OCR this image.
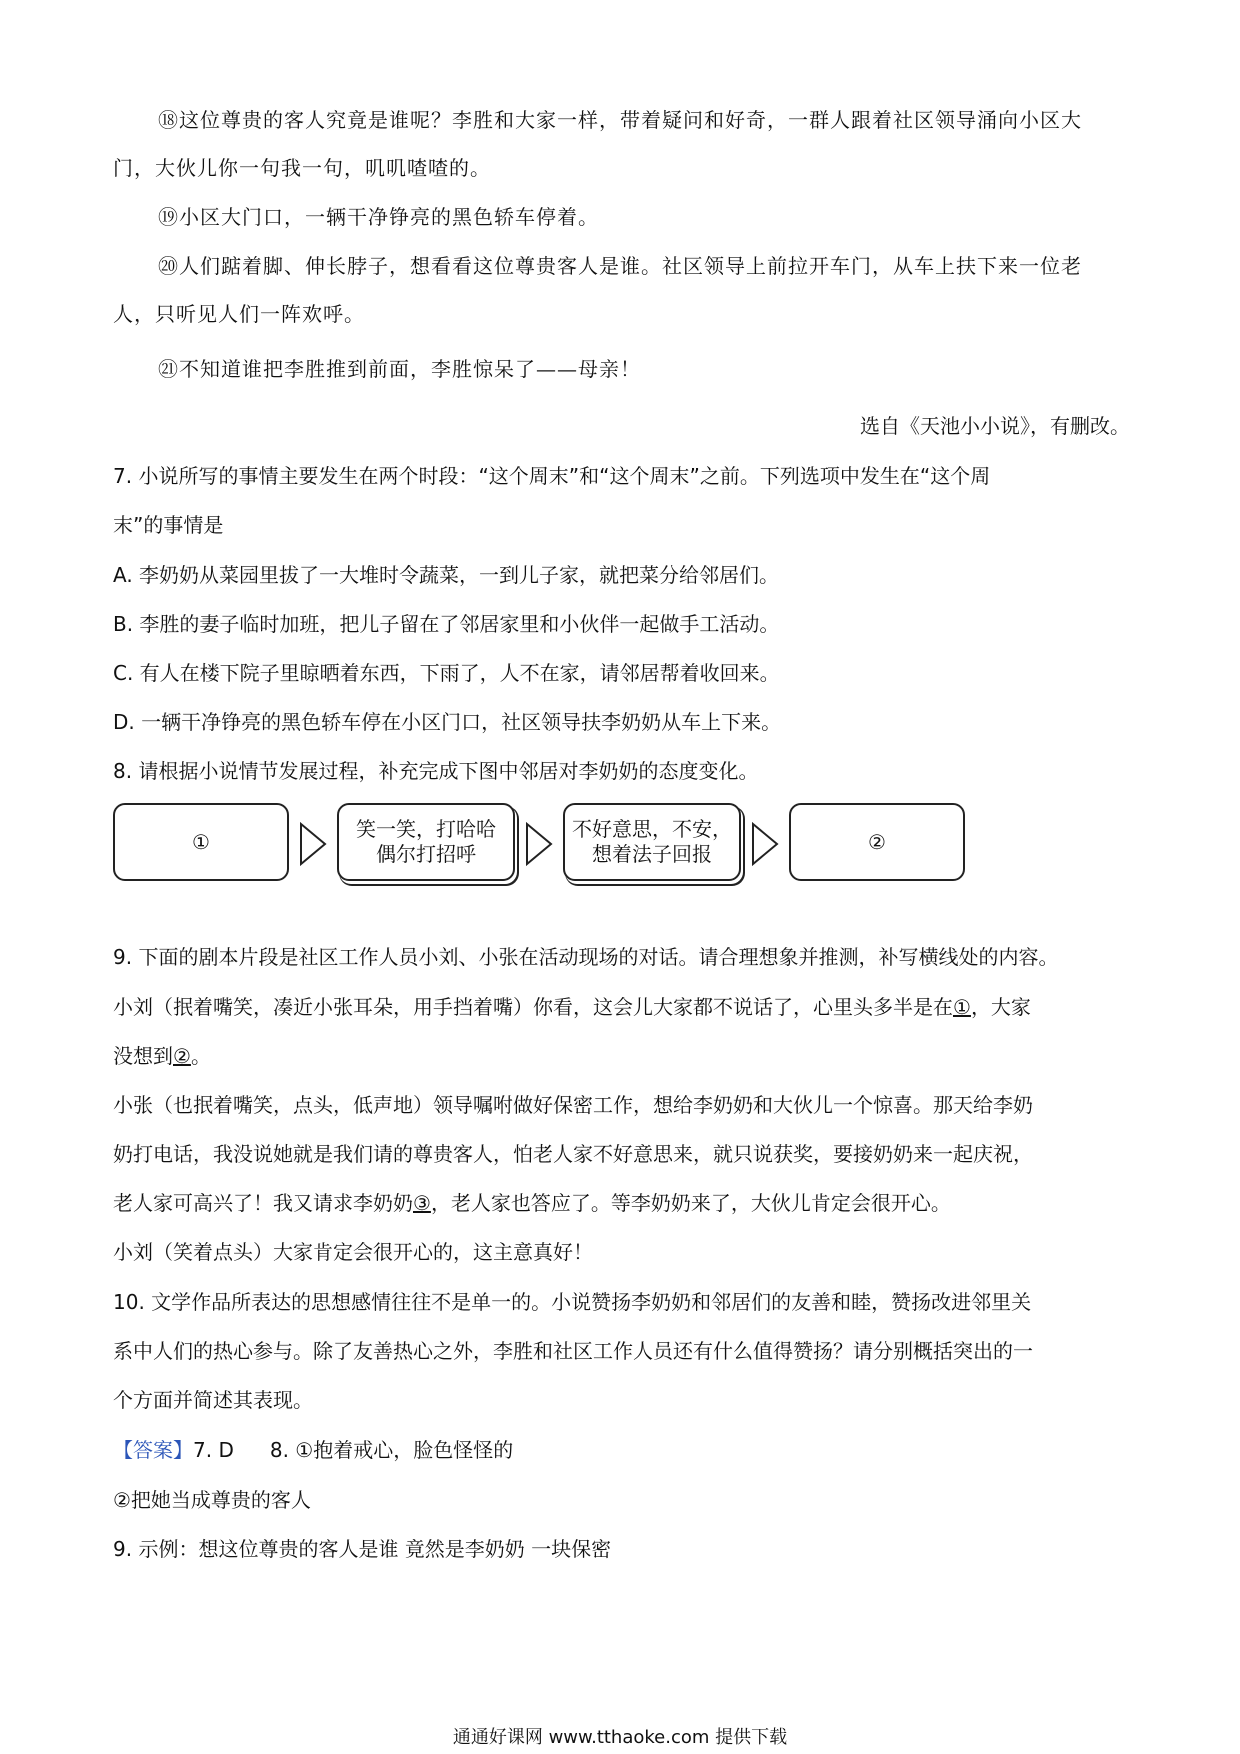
⑱这位尊贵的客人究竟是谁呢？李胜和大家一样，带着疑问和好奇，一群人跟着社区领导涌向小区大
门，大伙儿你一句我一句，叽叽喳喳的。
⑲小区大门口，一辆干净铮亮的黑色轿车停着。
⑳人们踮着脚、伸长脖子，想看看这位尊贵客人是谁。社区领导上前拉开车门，从车上扶下来一位老
人，只听见人们一阵欢呼。
㉑不知道谁把李胜推到前面，李胜惊呆了——母亲！
选自《天池小小说》，有删改。
7. 小说所写的事情主要发生在两个时段：“这个周末”和“这个周末”之前。下列选项中发生在“这个周
末”的事情是
A. 李奶奶从菜园里拔了一大堆时令蔬菜，一到儿子家，就把菜分给邻居们。
B. 李胜的妻子临时加班，把儿子留在了邻居家里和小伙伴一起做手工活动。
C. 有人在楼下院子里晾晒着东西，下雨了，人不在家，请邻居帮着收回来。
D. 一辆干净铮亮的黑色轿车停在小区门口，社区领导扶李奶奶从车上下来。
8. 请根据小说情节发展过程，补充完成下图中邻居对李奶奶的态度变化。
①
笑一笑，打哈哈
偶尔打招呼
不好意思，不安，
想着法子回报
②
9. 下面的剧本片段是社区工作人员小刘、小张在活动现场的对话。请合理想象并推测，补写横线处的内容。
小刘（抿着嘴笑，凑近小张耳朵，用手挡着嘴）你看，这会儿大家都不说话了，心里头多半是在①，大家
没想到②。
小张（也抿着嘴笑，点头，低声地）领导嘱咐做好保密工作，想给李奶奶和大伙儿一个惊喜。那天给李奶
奶打电话，我没说她就是我们请的尊贵客人，怕老人家不好意思来，就只说获奖，要接奶奶来一起庆祝，
老人家可高兴了！我又请求李奶奶③，老人家也答应了。等李奶奶来了，大伙儿肯定会很开心。
小刘（笑着点头）大家肯定会很开心的，这主意真好！
10. 文学作品所表达的思想感情往往不是单一的。小说赞扬李奶奶和邻居们的友善和睦，赞扬改进邻里关
系中人们的热心参与。除了友善热心之外，李胜和社区工作人员还有什么值得赞扬？请分别概括突出的一
个方面并简述其表现。
【答案】7. D 8. ①抱着戒心，脸色怪怪的
②把她当成尊贵的客人
9. 示例：想这位尊贵的客人是谁 竟然是李奶奶 一块保密
通通好课网 www.tthaoke.com 提供下载
